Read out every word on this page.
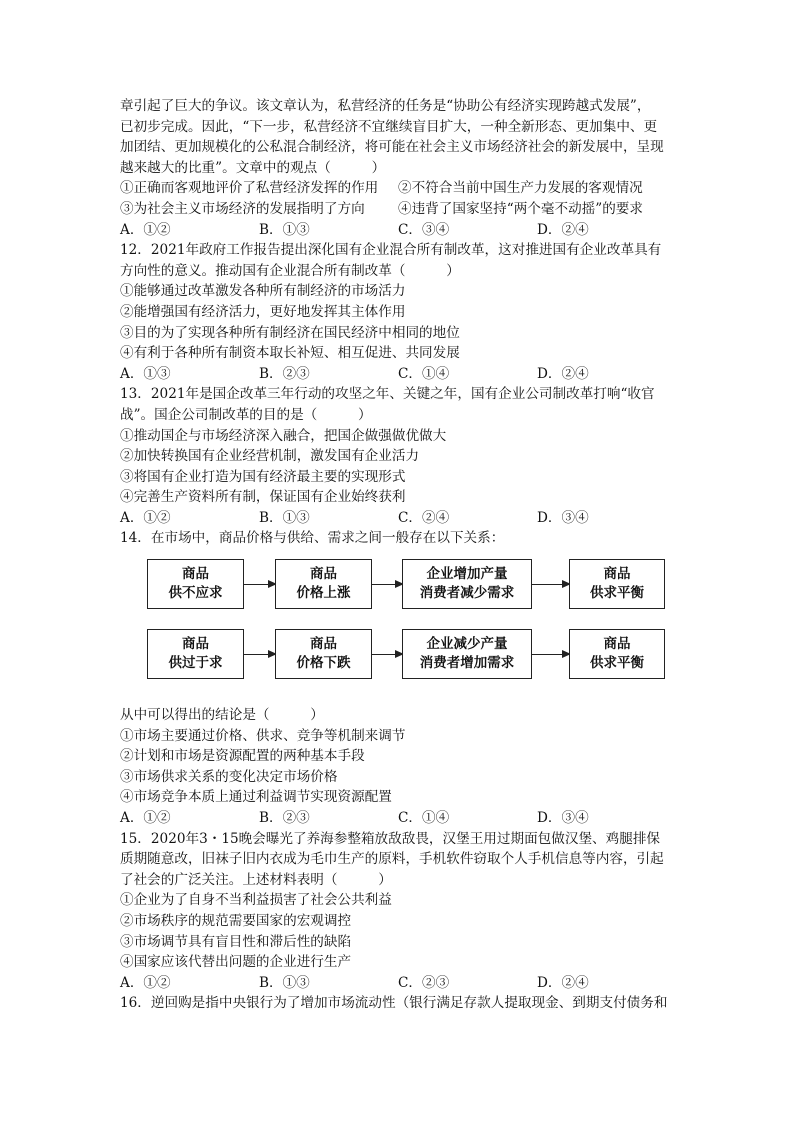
章引起了巨大的争议。该文章认为，私营经济的任务是“协助公有经济实现跨越式发展”，
已初步完成。因此，“下一步，私营经济不宜继续盲目扩大，一种全新形态、更加集中、更
加团结、更加规模化的公私混合制经济，将可能在社会主义市场经济社会的新发展中，呈现
越来越大的比重”。文章中的观点（　　　）
①正确而客观地评价了私营经济发挥的作用	②不符合当前中国生产力发展的客观情况
③为社会主义市场经济的发展指明了方向	④违背了国家坚持“两个毫不动摇”的要求
A．①②	B．①③	C．③④	D．②④
12．2021年政府工作报告提出深化国有企业混合所有制改革，这对推进国有企业改革具有
方向性的意义。推动国有企业混合所有制改革（　　　）
①能够通过改革激发各种所有制经济的市场活力
②能增强国有经济活力，更好地发挥其主体作用
③目的为了实现各种所有制经济在国民经济中相同的地位
④有利于各种所有制资本取长补短、相互促进、共同发展
A．①③	B．②③	C．①④	D．②④
13．2021年是国企改革三年行动的攻坚之年、关键之年，国有企业公司制改革打响“收官
战”。国企公司制改革的目的是（　　　）
①推动国企与市场经济深入融合，把国企做强做优做大
②加快转换国有企业经营机制，激发国有企业活力
③将国有企业打造为国有经济最主要的实现形式
④完善生产资料所有制，保证国有企业始终获利
A．①②	B．①③	C．②④	D．③④
14．在市场中，商品价格与供给、需求之间一般存在以下关系：
商品
供不应求
商品
价格上涨
企业增加产量
消费者减少需求
商品
供求平衡
商品
供过于求
商品
价格下跌
企业减少产量
消费者增加需求
商品
供求平衡
从中可以得出的结论是（　　　）
①市场主要通过价格、供求、竞争等机制来调节
②计划和市场是资源配置的两种基本手段
③市场供求关系的变化决定市场价格
④市场竞争本质上通过利益调节实现资源配置
A．①②	B．②③	C．①④	D．③④
15．2020年3・15晚会曝光了养海参整箱放敌敌畏，汉堡王用过期面包做汉堡、鸡腿排保
质期随意改，旧袜子旧内衣成为毛巾生产的原料，手机软件窃取个人手机信息等内容，引起
了社会的广泛关注。上述材料表明（　　　）
①企业为了自身不当利益损害了社会公共利益
②市场秩序的规范需要国家的宏观调控
③市场调节具有盲目性和滞后性的缺陷
④国家应该代替出问题的企业进行生产
A．①②	B．①③	C．②③	D．②④
16．逆回购是指中央银行为了增加市场流动性（银行满足存款人提取现金、到期支付债务和
